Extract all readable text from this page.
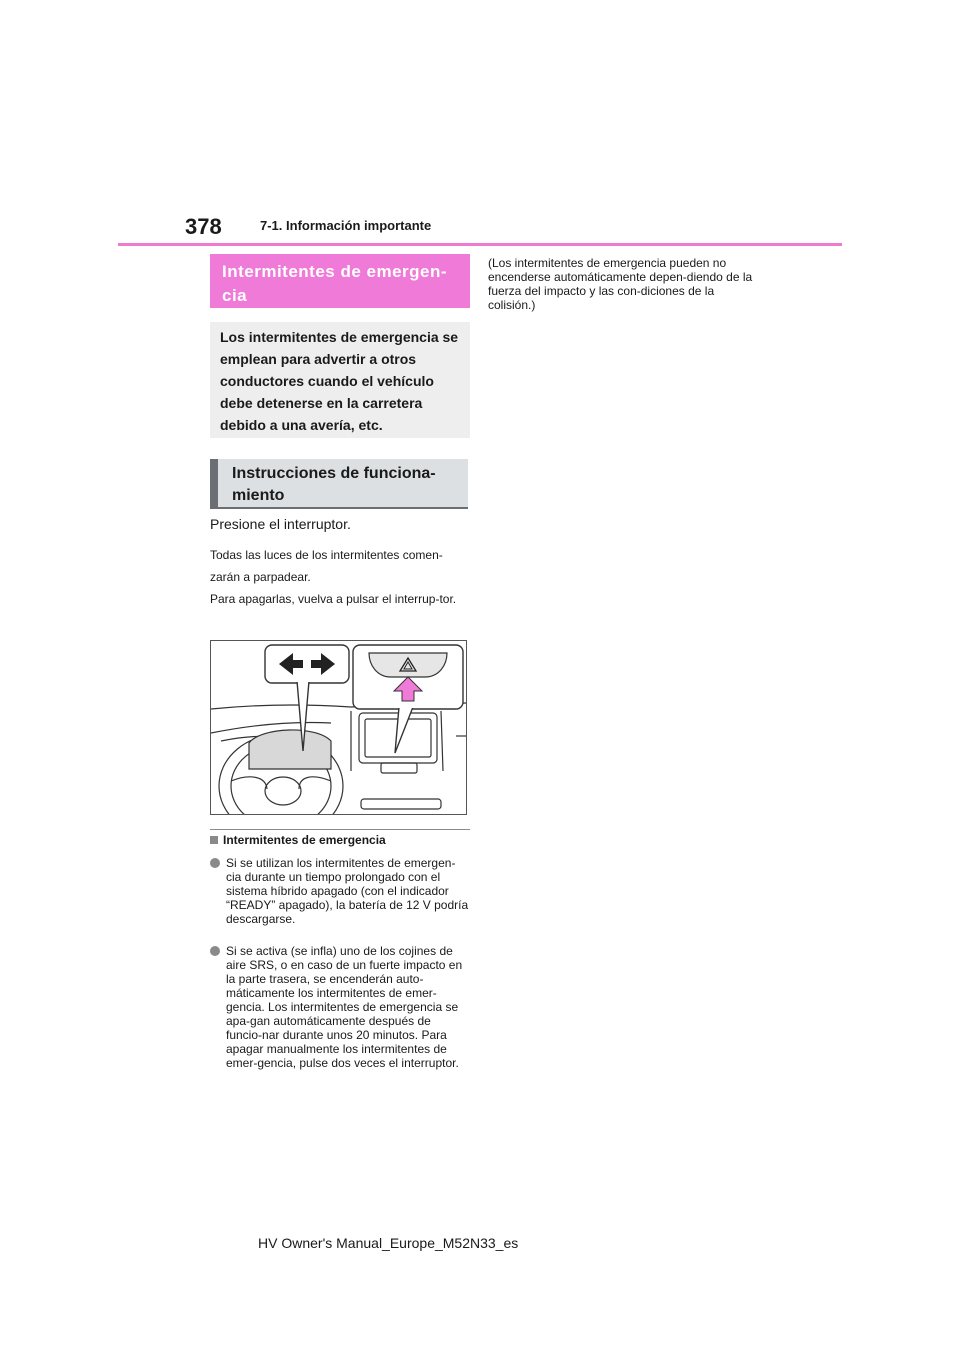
378	7-1. Información importante
Intermitentes de emergen-cia
Los intermitentes de emergencia se emplean para advertir a otros conductores cuando el vehículo debe detenerse en la carretera debido a una avería, etc.
Instrucciones de funciona-miento

Presione el interruptor.

Todas las luces de los intermitentes comen-zarán a parpadear.

Para apagarlas, vuelva a pulsar el interrup-tor.

Intermitentes de emergencia
Si se utilizan los intermitentes de emergen-cia durante un tiempo prolongado con el sistema híbrido apagado (con el indicador “READY” apagado), la batería de 12 V podría descargarse.
Si se activa (se infla) uno de los cojines de aire SRS, o en caso de un fuerte impacto en la parte trasera, se encenderán auto-máticamente los intermitentes de emer-gencia. Los intermitentes de emergencia se apa-gan automáticamente después de funcio-nar durante unos 20 minutos. Para apagar manualmente los intermitentes de emer-gencia, pulse dos veces el interruptor.

(Los intermitentes de emergencia pueden no encenderse automáticamente depen-diendo de la fuerza del impacto y las con-diciones de la colisión.)

HV Owner's Manual_Europe_M52N33_es
